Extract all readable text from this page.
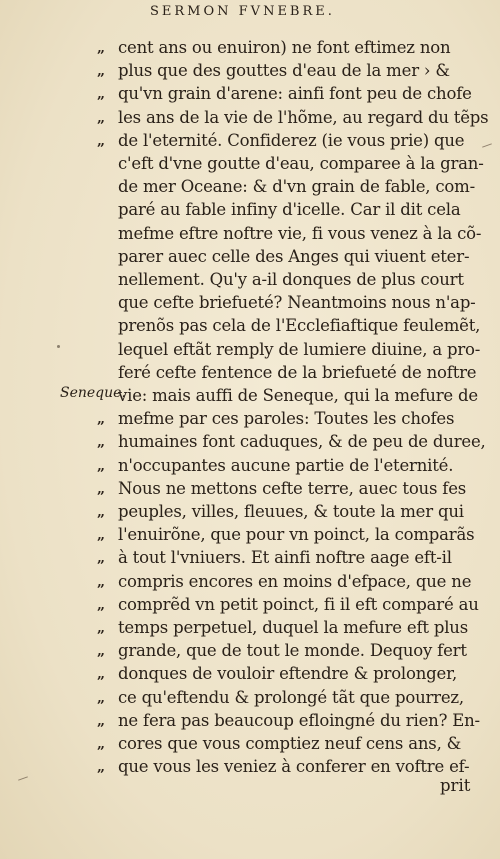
SERMON FVNEBRE.
„ cent ans ou enuiron) ne font eftimez non
„ plus que des gouttes d'eau de la mer › &
„ qu'vn grain d'arene: ainfi font peu de chofe
„ les ans de la vie de l'hõme, au regard du tẽps
„ de l'eternité. Confiderez (ie vous prie) que
c'eft d'vne goutte d'eau, comparee à la gran-
de mer Oceane: & d'vn grain de fable, com-
paré au fable infiny d'icelle. Car il dit cela
mefme eftre noftre vie, fi vous venez à la cõ-
parer auec celle des Anges qui viuent eter-
nellement. Qu'y a-il donques de plus court
que cefte briefueté? Neantmoins nous n'ap-
prenõs pas cela de l'Ecclefiaftique feulemẽt,
lequel eftãt remply de lumiere diuine, a pro-
feré cefte fentence de la briefueté de noftre
vie: mais auffi de Seneque, qui la mefure de
„ mefme par ces paroles: Toutes les chofes
„ humaines font caduques, & de peu de duree,
„ n'occupantes aucune partie de l'eternité.
„ Nous ne mettons cefte terre, auec tous fes
„ peuples, villes, fleuues, & toute la mer qui
„ l'enuirõne, que pour vn poinct, la comparãs
„ à tout l'vniuers. Et ainfi noftre aage eft-il
„ compris encores en moins d'efpace, que ne
„ comprẽd vn petit poinct, fi il eft comparé au
„ temps perpetuel, duquel la mefure eft plus
„ grande, que de tout le monde. Dequoy fert
„ donques de vouloir eftendre & prolonger,
„ ce qu'eftendu & prolongé tãt que pourrez,
„ ne fera pas beaucoup efloingné du rien? En-
„ cores que vous comptiez neuf cens ans, &
„ que vous les veniez à conferer en voftre ef-
Seneque.
prit
